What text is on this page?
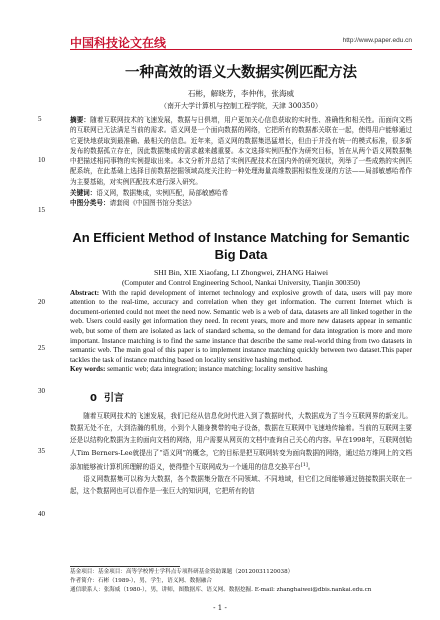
中国科技论文在线	http://www.paper.edu.cn
5
10
15
20
25
30
35
40
一种高效的语义大数据实例匹配方法
石彬，解晓芳，李仲伟，张海威
（南开大学计算机与控制工程学院，天津 300350）
摘要：随着互联网技术的飞速发展，数据与日俱增，用户更加关心信息获取的实时性、准确性和相关性。而面向文档的互联网已无法满足当前的需求。语义网是一个面向数据的网络，它把所有的数据都关联在一起，使得用户能够通过它更快地获取到最准确、最相关的信息。近年来，语义网的数据集迅猛增长，但由于并没有统一的模式标准，很多新发布的数据孤立存在，因此数据集成的需求越来越重要。本文选择实例匹配作为研究目标，旨在从两个语义网数据集中把描述相同事物的实例提取出来。本文分析并总结了实例匹配技术在国内外的研究现状，列举了一些成熟的实例匹配系统，在此基础上选择目前数据挖掘领域高度关注的一种处理海量高维数据相似性发现的方法——局部敏感哈希作为主要基础，对实例匹配技术进行深入研究。
关键词：语义网，数据集成，实例匹配，局部敏感哈希
中图分类号：请套阅《中国图书馆分类法》
An Efficient Method of Instance Matching for Semantic Big Data
SHI Bin, XIE Xiaofang, LI Zhongwei, ZHANG Haiwei
(Computer and Control Engineering School, Nankai University, Tianjin 300350)
Abstract: With the rapid development of internet technology and explosive growth of data, users will pay more attention to the real-time, accuracy and correlation when they get information. The current Internet which is document-oriented could not meet the need now. Semantic web is a web of data, datasets are all linked together in the web. Users could easily get information they need. In recent years, more and more new datasets appear in semantic web, but some of them are isolated as lack of standard schema, so the demand for data integration is more and more important. Instance matching is to find the same instance that describe the same real-world thing from two datasets in semantic web. The main goal of this paper is to implement instance matching quickly between two dataset.This paper tackles the task of instance matching based on locality sensitive hashing method.
Key words: semantic web; data integration; instance matching; locality sensitive hashing
0 引言
随着互联网技术的飞速发展，我们已经从信息化时代进入到了数据时代，大数据成为了当今互联网界的新宠儿。数据无处不在，大到浩瀚的机房，小到个人随身携带的电子设备，数据在互联网中飞速地传输着。当前的互联网主要还是以结构化数据为主的面向文档的网络，用户需要从网页的文档中查询自己关心的内容。早在1998年，互联网创始人Tim Berners-Lee就提出了“语义网”的概念，它的目标是把互联网转变为面向数据的网络，通过给万维网上的文档添加能够被计算机所理解的语义，使得整个互联网成为一个通用的信息交换平台[1]。
语义网数据集可以称为大数据，各个数据集分散在不同领域、不同地域，但它们之间能够通过链接数据关联在一起，这个数据网也可以看作是一张巨大的知识网，它把所有的信
基金项目：基金项目：高等学校博士学科点专项科研基金资助课题（20120031120038）
作者简介：石彬（1989-），男，学生，语义网、数据融合
通信联系人：张海威（1980-），男，讲师，图数据库、语义网、数据挖掘. E-mail: zhanghaiwei@dbis.nankai.edu.cn
- 1 -
